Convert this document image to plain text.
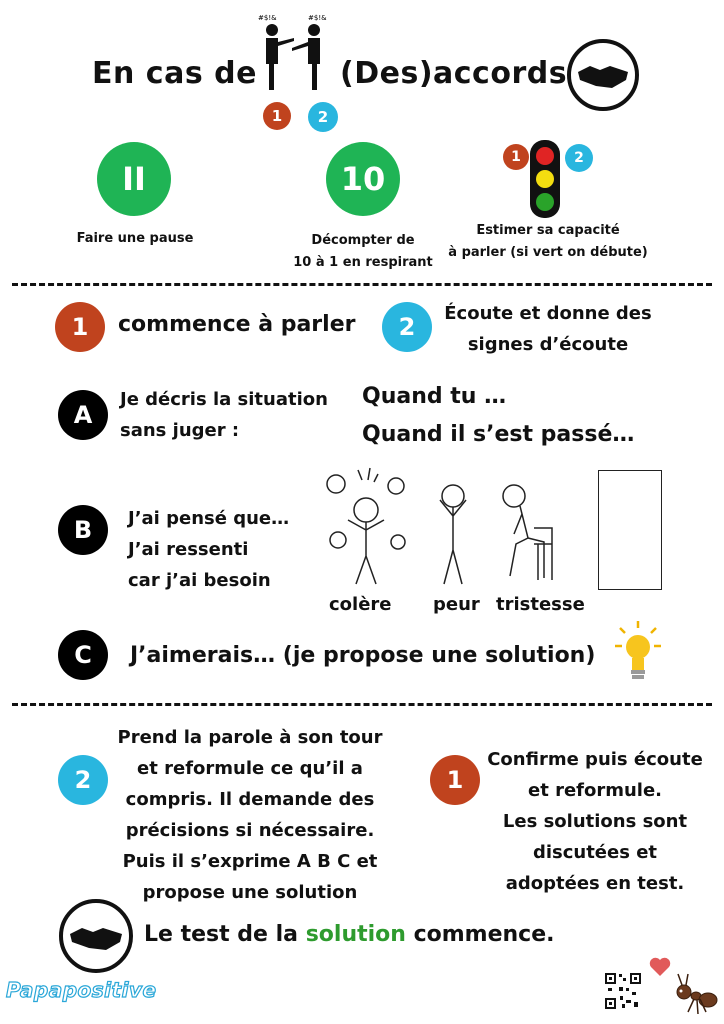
En cas de
#$!&	#$!&
1	2
(Des)accords
II
Faire une pause
10
Décompter de
10 à 1 en respirant
1	2
Estimer sa capacité
à parler (si vert on débute)
1	commence à parler	2	Écoute et donne des
signes d’écoute
A
Je décris la situation
sans juger :
Quand tu …
Quand il s’est passé…
B	J’ai pensé que…
J’ai ressenti
car j’ai besoin
colère peur tristesse
C	J’aimerais… (je propose une solution)
2
Prend la parole à son tour
et reformule ce qu’il a
compris. Il demande des
précisions si nécessaire.
Puis il s’exprime A B C et
propose une solution
1
Confirme puis écoute
et reformule.
Les solutions sont
discutées et
adoptées en test.
Le test de la solution commence.
Papapositive
